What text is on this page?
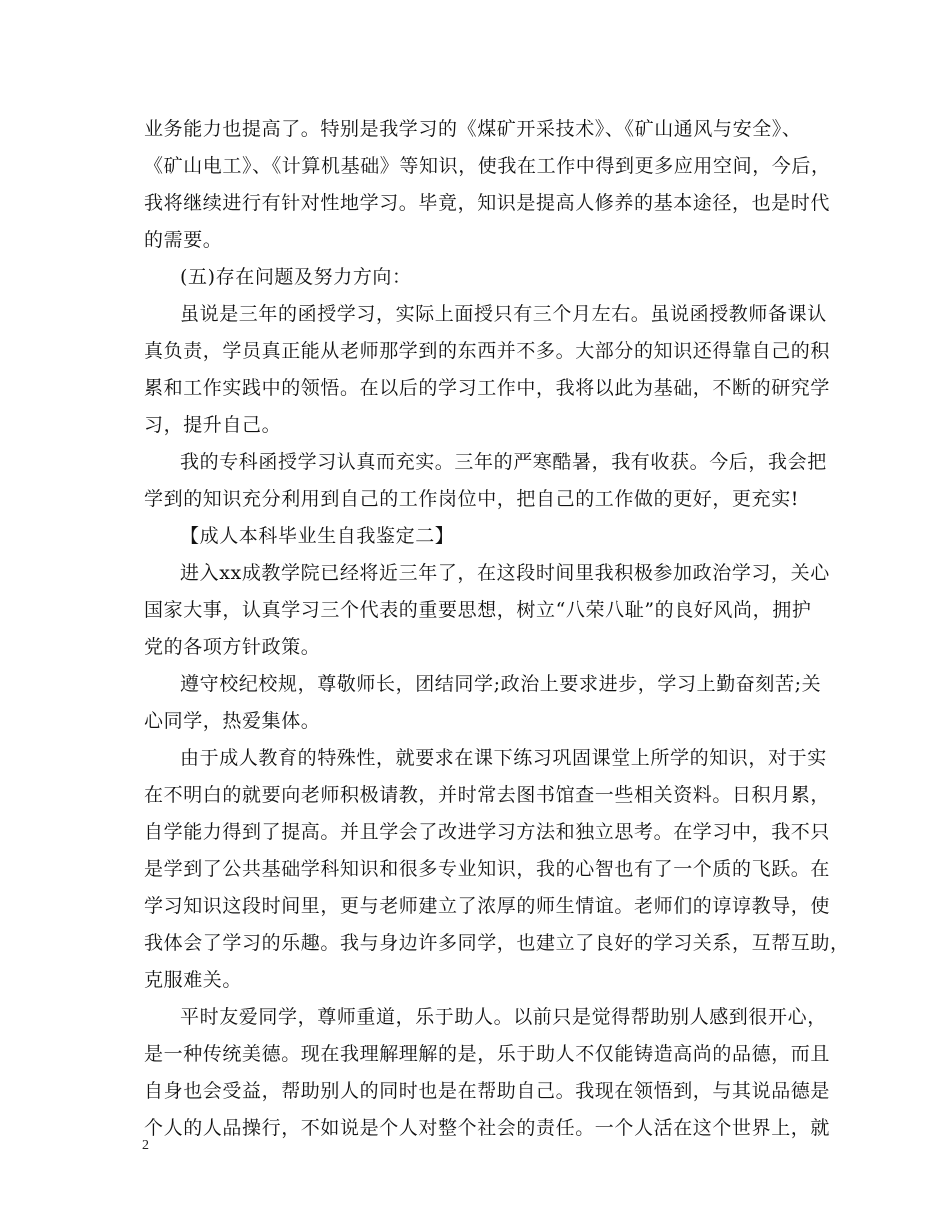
业务能力也提高了。特别是我学习的《煤矿开采技术》、《矿山通风与安全》、
《矿山电工》、《计算机基础》等知识，使我在工作中得到更多应用空间，今后，
我将继续进行有针对性地学习。毕竟，知识是提高人修养的基本途径，也是时代
的需要。
(五)存在问题及努力方向：
虽说是三年的函授学习，实际上面授只有三个月左右。虽说函授教师备课认
真负责，学员真正能从老师那学到的东西并不多。大部分的知识还得靠自己的积
累和工作实践中的领悟。在以后的学习工作中，我将以此为基础，不断的研究学
习，提升自己。
我的专科函授学习认真而充实。三年的严寒酷暑，我有收获。今后，我会把
学到的知识充分利用到自己的工作岗位中，把自己的工作做的更好，更充实!
【成人本科毕业生自我鉴定二】
进入xx成教学院已经将近三年了，在这段时间里我积极参加政治学习，关心
国家大事，认真学习三个代表的重要思想，树立“八荣八耻”的良好风尚，拥护
党的各项方针政策。
遵守校纪校规，尊敬师长，团结同学;政治上要求进步，学习上勤奋刻苦;关
心同学，热爱集体。
由于成人教育的特殊性，就要求在课下练习巩固课堂上所学的知识，对于实
在不明白的就要向老师积极请教，并时常去图书馆查一些相关资料。日积月累，
自学能力得到了提高。并且学会了改进学习方法和独立思考。在学习中，我不只
是学到了公共基础学科知识和很多专业知识，我的心智也有了一个质的飞跃。在
学习知识这段时间里，更与老师建立了浓厚的师生情谊。老师们的谆谆教导，使
我体会了学习的乐趣。我与身边许多同学，也建立了良好的学习关系，互帮互助，
克服难关。
平时友爱同学，尊师重道，乐于助人。以前只是觉得帮助别人感到很开心，
是一种传统美德。现在我理解理解的是，乐于助人不仅能铸造高尚的品德，而且
自身也会受益，帮助别人的同时也是在帮助自己。我现在领悟到，与其说品德是
个人的人品操行，不如说是个人对整个社会的责任。一个人活在这个世界上，就
2
